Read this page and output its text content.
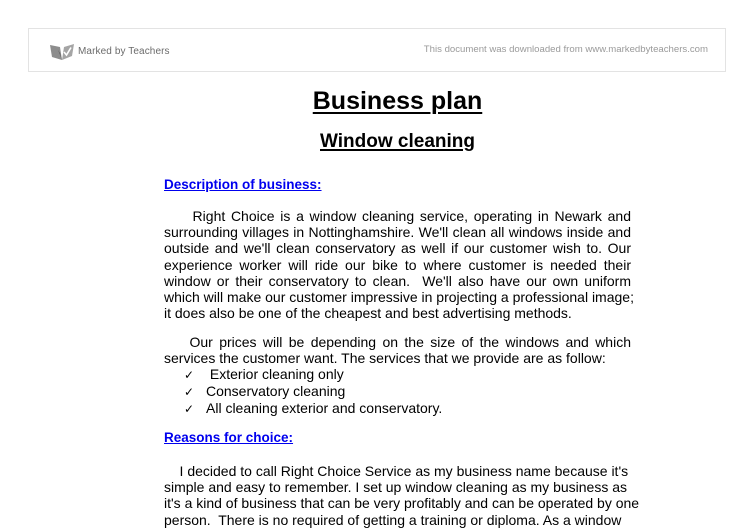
Marked by Teachers	This document was downloaded from www.markedbyteachers.com
Business plan
Window cleaning
Description of business:

Right Choice is a window cleaning service, operating in Newark and
surrounding villages in Nottinghamshire. We'll clean all windows inside and
outside and we'll clean conservatory as well if our customer wish to. Our
experience worker will ride our bike to where customer is needed their
window or their conservatory to clean.  We'll also have our own uniform
which will make our customer impressive in projecting a professional image;
it does also be one of the cheapest and best advertising methods.

Our prices will be depending on the size of the windows and which
services the customer want. The services that we provide are as follow:

✓ Exterior cleaning only
✓ Conservatory cleaning
✓ All cleaning exterior and conservatory.
Reasons for choice:

I decided to call Right Choice Service as my business name because it's
simple and easy to remember. I set up window cleaning as my business as
it's a kind of business that can be very profitably and can be operated by one
person.  There is no required of getting a training or diploma. As a window
